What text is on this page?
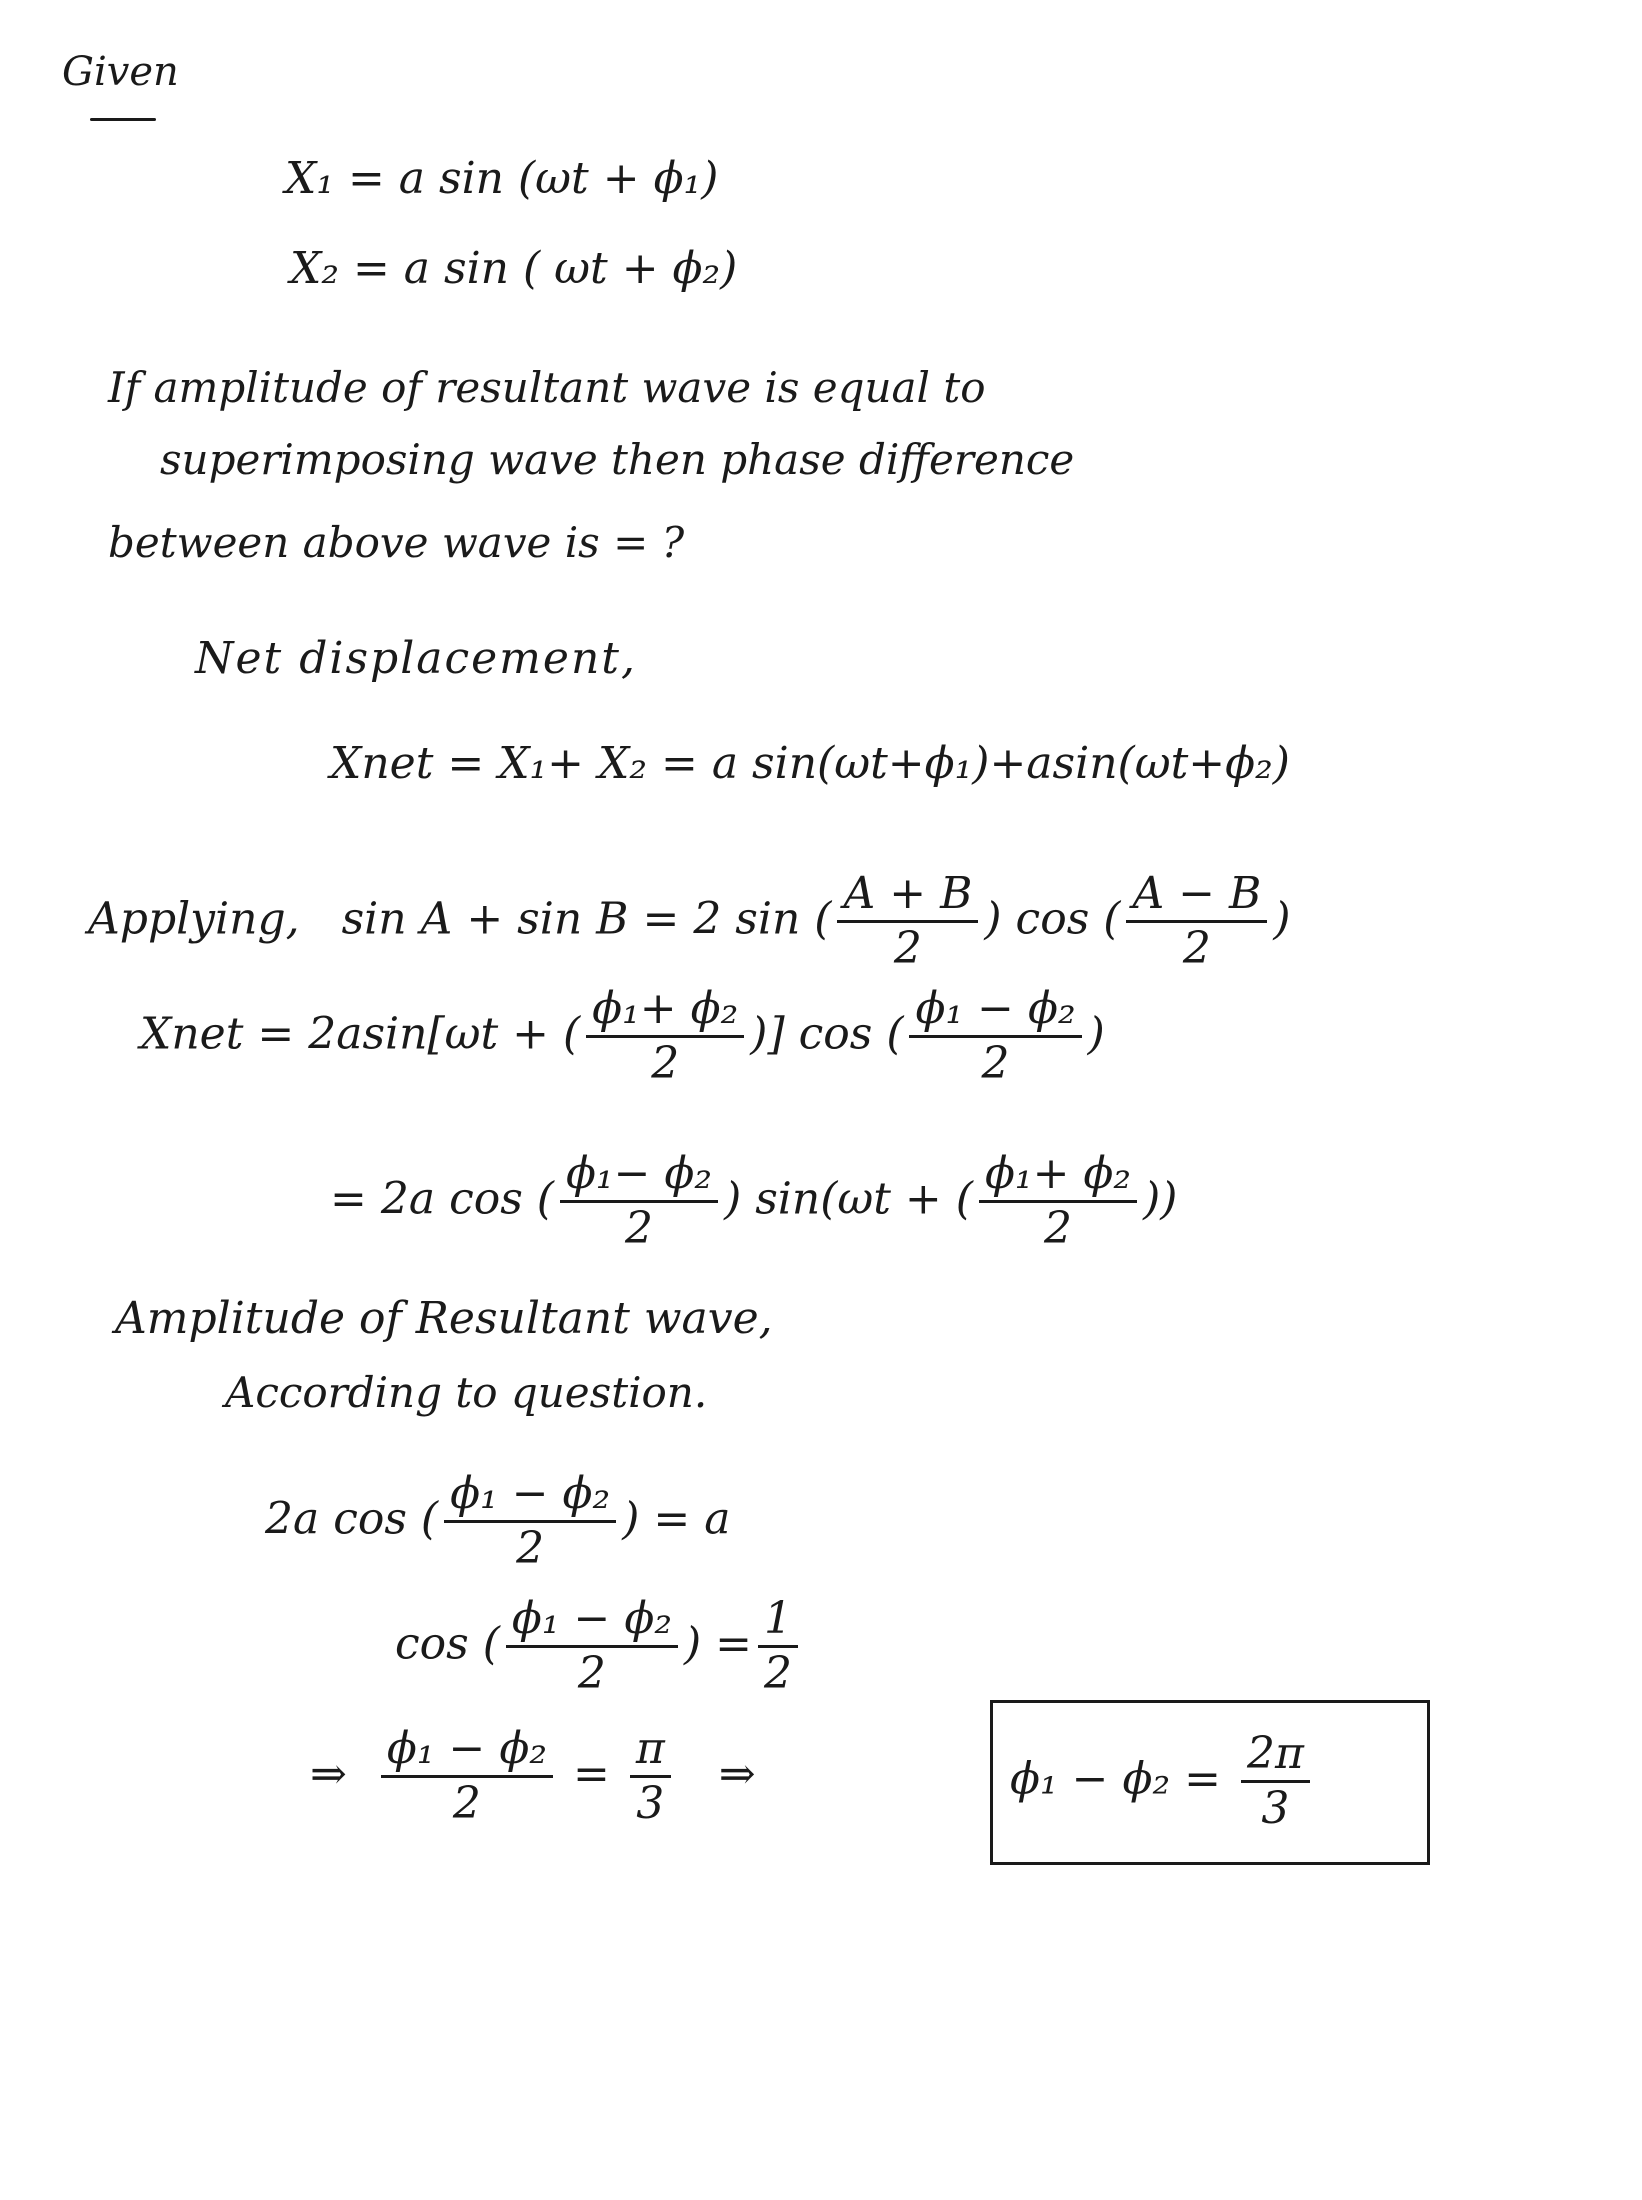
Given
X₁ = a sin (ωt + ϕ₁)
X₂ = a sin ( ωt + ϕ₂)
If amplitude of resultant wave is equal to
superimposing wave then phase difference
between above wave is = ?
Net displacement,
Xnet = X₁+ X₂ = a sin(ωt+ϕ₁)+asin(ωt+ϕ₂)
Applying, sin A + sin B = 2 sin ( $\frac{A + B}{2}$ ) cos ( $\frac{A - B}{2}$ )
Xnet = 2asin[ωt + ( $\frac{\text{ϕ₁+ ϕ₂}}{2}$ )] cos ( $\frac{\text{ϕ₁ − ϕ₂}}{2}$ )
= 2a cos ( $\frac{\text{ϕ₁− ϕ₂}}{2}$ ) sin(ωt + ( $\frac{\text{ϕ₁+ ϕ₂}}{2}$ ))
Amplitude of Resultant wave,
According to question.
2a cos ( $\frac{\text{ϕ₁ − ϕ₂}}{2}$ ) = a
cos ( $\frac{\text{ϕ₁ − ϕ₂}}{2}$ ) = $\frac{1}{2}$
⇒ $\frac{\text{ϕ₁ − ϕ₂}}{2} = \frac{\pi}{3}$ ⇒	$\phi_1 - \phi_2 = \frac{2\pi}{3}$
